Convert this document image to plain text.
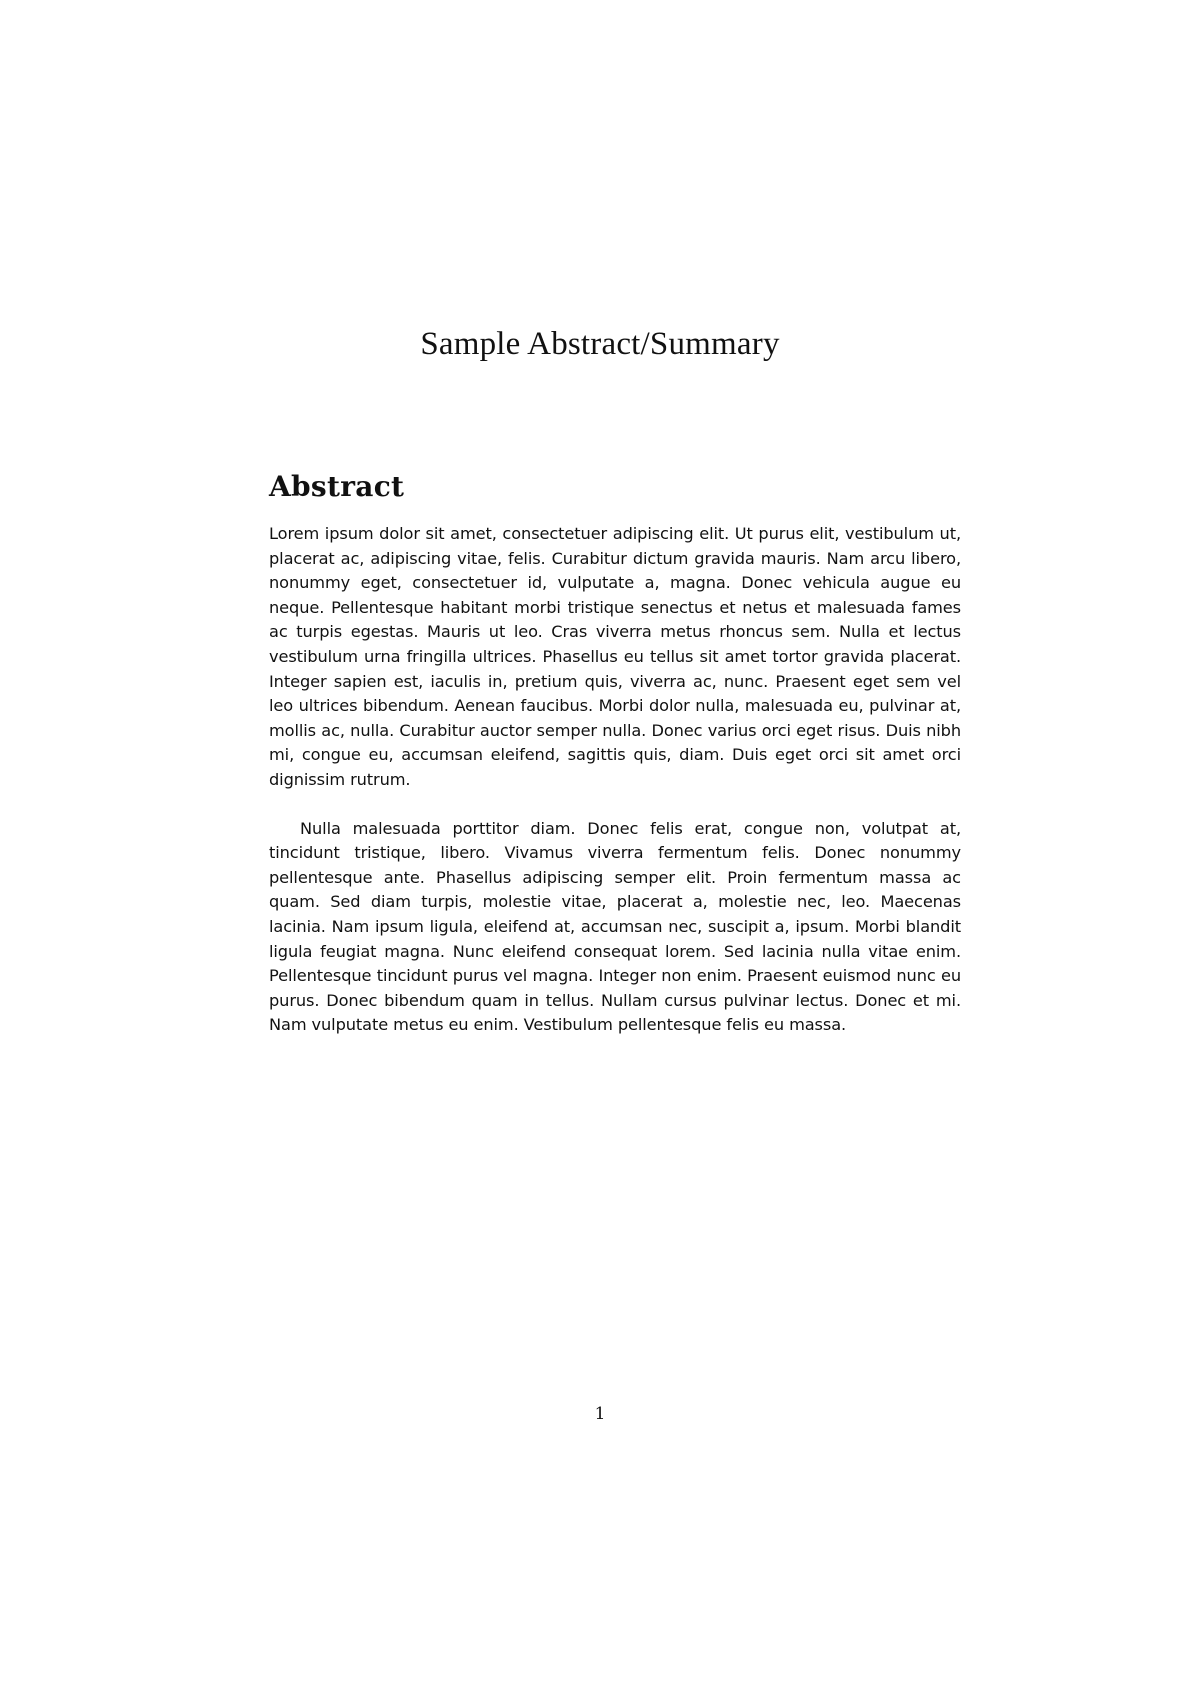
Sample Abstract/Summary
Abstract

Lorem ipsum dolor sit amet, consectetuer adipiscing elit. Ut purus elit, vestibulum ut, placerat ac, adipiscing vitae, felis. Curabitur dictum gravida mauris. Nam arcu libero, nonummy eget, consectetuer id, vulputate a, magna. Donec vehicula augue eu neque. Pellentesque habitant morbi tristique senectus et netus et malesuada fames ac turpis egestas. Mauris ut leo. Cras viverra metus rhoncus sem. Nulla et lectus vestibulum urna fringilla ultrices. Phasellus eu tellus sit amet tortor gravida placerat. Integer sapien est, iaculis in, pretium quis, viverra ac, nunc. Praesent eget sem vel leo ultrices bibendum. Aenean faucibus. Morbi dolor nulla, malesuada eu, pulvinar at, mollis ac, nulla. Curabitur auctor semper nulla. Donec varius orci eget risus. Duis nibh mi, congue eu, accumsan eleifend, sagittis quis, diam. Duis eget orci sit amet orci dignissim rutrum.

Nulla malesuada porttitor diam. Donec felis erat, congue non, volutpat at, tincidunt tristique, libero. Vivamus viverra fermentum felis. Donec nonummy pellentesque ante. Phasellus adipiscing semper elit. Proin fermentum massa ac quam. Sed diam turpis, molestie vitae, placerat a, molestie nec, leo. Maecenas lacinia. Nam ipsum ligula, eleifend at, accumsan nec, suscipit a, ipsum. Morbi blandit ligula feugiat magna. Nunc eleifend consequat lorem. Sed lacinia nulla vitae enim. Pellentesque tincidunt purus vel magna. Integer non enim. Praesent euismod nunc eu purus. Donec bibendum quam in tellus. Nullam cursus pulvinar lectus. Donec et mi. Nam vulputate metus eu enim. Vestibulum pellentesque felis eu massa.

1
